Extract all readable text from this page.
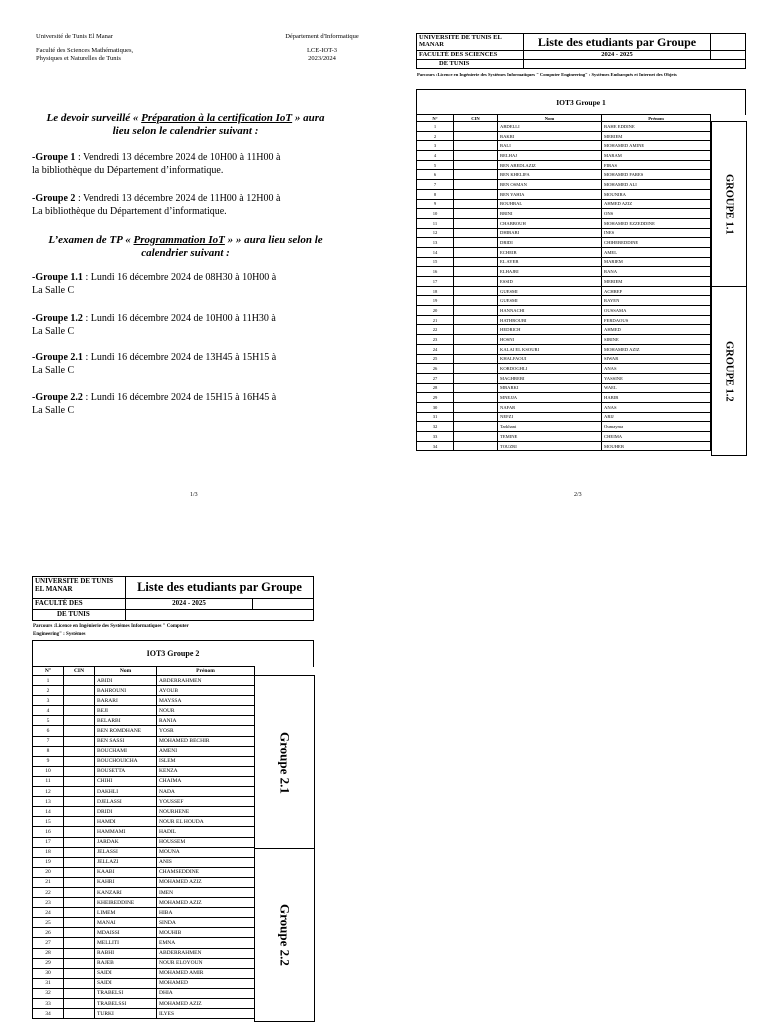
Université de Tunis El Manar
Faculté des Sciences Mathématiques,
Physiques et Naturelles de Tunis
Département d'Informatique
LCE-IOT-3
2023/2024
Le devoir surveillé « Préparation à la certification IoT » aura
lieu selon le calendrier suivant :
-Groupe 1 : Vendredi 13 décembre 2024 de 10H00 à 11H00 à
la bibliothèque du Département d’informatique.
-Groupe 2 : Vendredi 13 décembre 2024 de 11H00 à 12H00 à
La bibliothèque du Département d’informatique.
L’examen de TP « Programmation IoT » » aura lieu selon le
calendrier suivant :
-Groupe 1.1 : Lundi 16 décembre 2024 de 08H30 à 10H00 à
La Salle C
-Groupe 1.2 : Lundi 16 décembre 2024 de 10H00 à 11H30 à
La Salle C
-Groupe 2.1 : Lundi 16 décembre 2024 de 13H45 à 15H15 à
La Salle C
-Groupe 2.2 : Lundi 16 décembre 2024 de 15H15 à 16H45 à
La Salle C
1/3
UNIVERSITE DE TUNIS EL MANAR	Liste des etudiants par Groupe	
FACULTÉ DES SCIENCES	2024 - 2025	
DE TUNIS		
Parcours :Licence en Ingénierie des Systèmes Informatiques " Computer Engineering" : Systèmes Embarqués et Internet des Objets
IOT3 Groupe 1
N°	CIN	Nom	Prénom
1		ABDELLI	BAHE EDDINE
2		BAKRI	MERIEM
3		BALI	MOHAMED AMINE
4		BELHAJ	MARAM
5		BEN ABEDLAZIZ	FIRAS
6		BEN KHELIFA	MOHAMED FARES
7		BEN OSMAN	MOHAMED ALI
8		BEN YAHIA	MOUNIRA
9		BOUHBAL	AHMED AZIZ
10		BRINI	ONS
11		CHABBOUH	MOHAMED EZZEDDINE
12		DHIBABI	INES
13		DRIDI	CHIHEBEDDINE
14		ECHEIB	AMEL
15		EL AYEB	MARIEM
16		ELHAJRI	RANA
17		ESSID	MERIEM
18		GUESMI	ACHREF
19		GUESMI	RAYEN
20		HANNACHI	OUSSAMA
21		HATHROUBI	FERDAOUS
22		HEDRICH	AHMED
23		HOSNI	SIRINE
24		KALAI EL KSOURI	MOHAMED AZIZ
25		KHALFAOUI	SIWAR
26		KORDOGHLI	ANAS
27		MAGHREBI	YASSINE
28		MBARKI	WAEL
29		MNEJJA	HABIB
30		NAFAR	ANAS
31		NEFZI	ARIJ
32		Tarkhani	Oumayma
33		TEMINE	CHEIMA
34		TOUZRI	MOUHEB
GROUPE 1.1
GROUPE 1.2
2/3
UNIVERSITE DE TUNIS EL MANAR	Liste des etudiants par Groupe	
FACULTÉ DES	2024 - 2025	
DE TUNIS		
Parcours :Licence en Ingénierie des Systèmes Informatiques " Computer Engineering" : Systèmes
IOT3 Groupe 2
N°	CIN	Nom	Prénom
1		ABIDI	ABDERRAHMEN
2		BAHROUNI	AYOUB
3		BARARI	MAYSSA
4		BEJI	NOUR
5		BELARBI	RANIA
6		BEN ROMDHANE	YOSR
7		BEN SASSI	MOHAMED BECHIR
8		BOUCHAMI	AMENI
9		BOUCHOUICHA	ISLEM
10		BOUSETTA	KENZA
11		CHIHI	CHAIMA
12		DAKHLI	NADA
13		DJELASSI	YOUSSEF
14		DRIDI	NOURHENE
15		HAMDI	NOUR EL HOUDA
16		HAMMAMI	HADIL
17		JARDAK	HOUSSEM
18		JELASSI	MOUNA
19		JELLAZI	ANIS
20		KAABI	CHAMSEDDINE
21		KAHRI	MOHAMED AZIZ
22		KANZARI	IMEN
23		KHEIREDDINE	MOHAMED AZIZ
24		LIMEM	HIBA
25		MANAI	SINDA
26		MDAISSI	MOUHIB
27		MELLITI	EMNA
28		RABHI	ABDERRAHMEN
29		RAJEB	NOUR ELOYOUN
30		SAIDI	MOHAMED AMIR
31		SAIDI	MOHAMED
32		TRABELSI	DHIA
33		TRABELSSI	MOHAMED AZIZ
34		TURKI	ILYES
Groupe 2.1
Groupe 2.2
